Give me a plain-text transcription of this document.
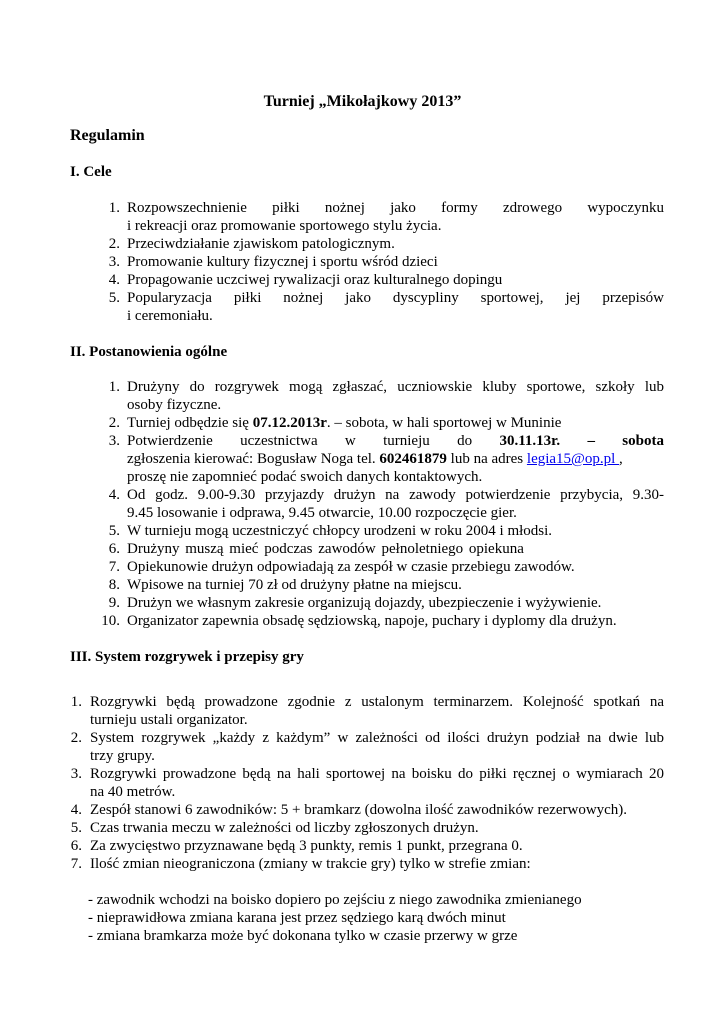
Turniej „Mikołajkowy 2013”
Regulamin
I. Cele
1. Rozpowszechnienie piłki nożnej jako formy zdrowego wypoczynku
i rekreacji oraz promowanie sportowego stylu życia.
2. Przeciwdziałanie zjawiskom patologicznym.
3. Promowanie kultury fizycznej i sportu wśród dzieci
4. Propagowanie uczciwej rywalizacji oraz kulturalnego dopingu
5. Popularyzacja piłki nożnej jako dyscypliny sportowej, jej przepisów
i ceremoniału.
II. Postanowienia ogólne
1. Drużyny do rozgrywek mogą zgłaszać, uczniowskie kluby sportowe, szkoły lub
osoby fizyczne.
2. Turniej odbędzie się 07.12.2013r. – sobota, w hali sportowej w Muninie
3. Potwierdzenie uczestnictwa w turnieju do 30.11.13r. – sobota
zgłoszenia kierować: Bogusław Noga tel. 602461879 lub na adres legia15@op.pl ,
proszę nie zapomnieć podać swoich danych kontaktowych.
4. Od godz. 9.00-9.30 przyjazdy drużyn na zawody potwierdzenie przybycia, 9.30-
9.45 losowanie i odprawa, 9.45 otwarcie, 10.00 rozpoczęcie gier.
5. W turnieju mogą uczestniczyć chłopcy urodzeni w roku 2004 i młodsi.
6. Drużyny muszą mieć podczas zawodów pełnoletniego opiekuna
7. Opiekunowie drużyn odpowiadają za zespół w czasie przebiegu zawodów.
8. Wpisowe na turniej 70 zł od drużyny płatne na miejscu.
9. Drużyn we własnym zakresie organizują dojazdy, ubezpieczenie i wyżywienie.
10. Organizator zapewnia obsadę sędziowską, napoje, puchary i dyplomy dla drużyn.
III. System rozgrywek i przepisy gry
1. Rozgrywki będą prowadzone zgodnie z ustalonym terminarzem. Kolejność spotkań na
turnieju ustali organizator.
2. System rozgrywek „każdy z każdym” w zależności od ilości drużyn podział na dwie lub
trzy grupy.
3. Rozgrywki prowadzone będą na hali sportowej na boisku do piłki ręcznej o wymiarach 20
na 40 metrów.
4. Zespół stanowi 6 zawodników: 5 + bramkarz (dowolna ilość zawodników rezerwowych).
5. Czas trwania meczu w zależności od liczby zgłoszonych drużyn.
6. Za zwycięstwo przyznawane będą 3 punkty, remis 1 punkt, przegrana 0.
7. Ilość zmian nieograniczona (zmiany w trakcie gry) tylko w strefie zmian:
- zawodnik wchodzi na boisko dopiero po zejściu z niego zawodnika zmienianego
- nieprawidłowa zmiana karana jest przez sędziego karą dwóch minut
- zmiana bramkarza może być dokonana tylko w czasie przerwy w grze
